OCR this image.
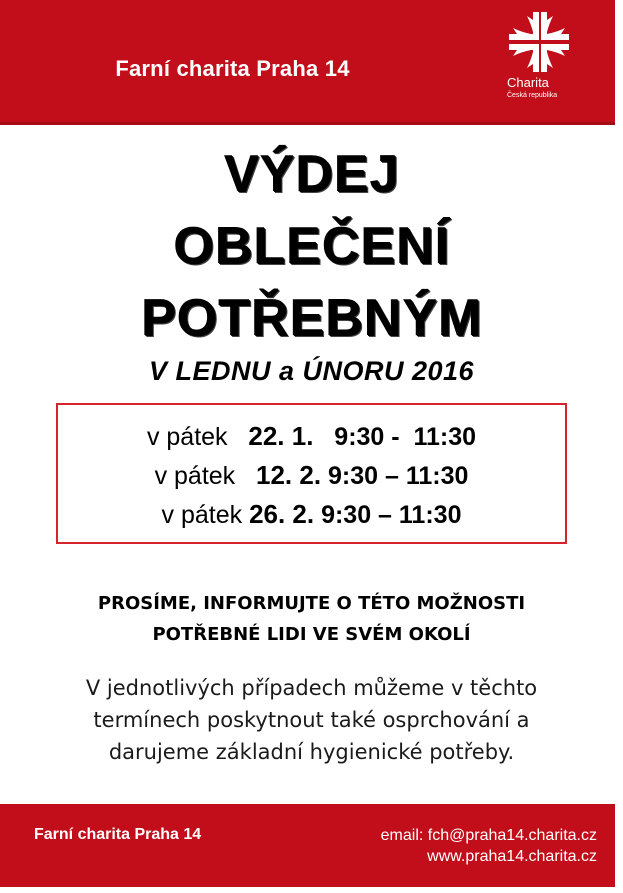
Farní charita Praha 14
Charita
Česká republika
VÝDEJ
OBLEČENÍ
POTŘEBNÝM
V LEDNU a ÚNORU 2016
v pátek 22. 1. 9:30 -  11:30
v pátek 12. 2. 9:30 – 11:30
v pátek 26. 2. 9:30 – 11:30
PROSÍME, INFORMUJTE O TÉTO MOŽNOSTI
POTŘEBNÉ LIDI VE SVÉM OKOLÍ
V jednotlivých případech můžeme v těchto
termínech poskytnout také osprchování a
darujeme základní hygienické potřeby.
Farní charita Praha 14	email: fch@praha14.charita.cz
www.praha14.charita.cz
